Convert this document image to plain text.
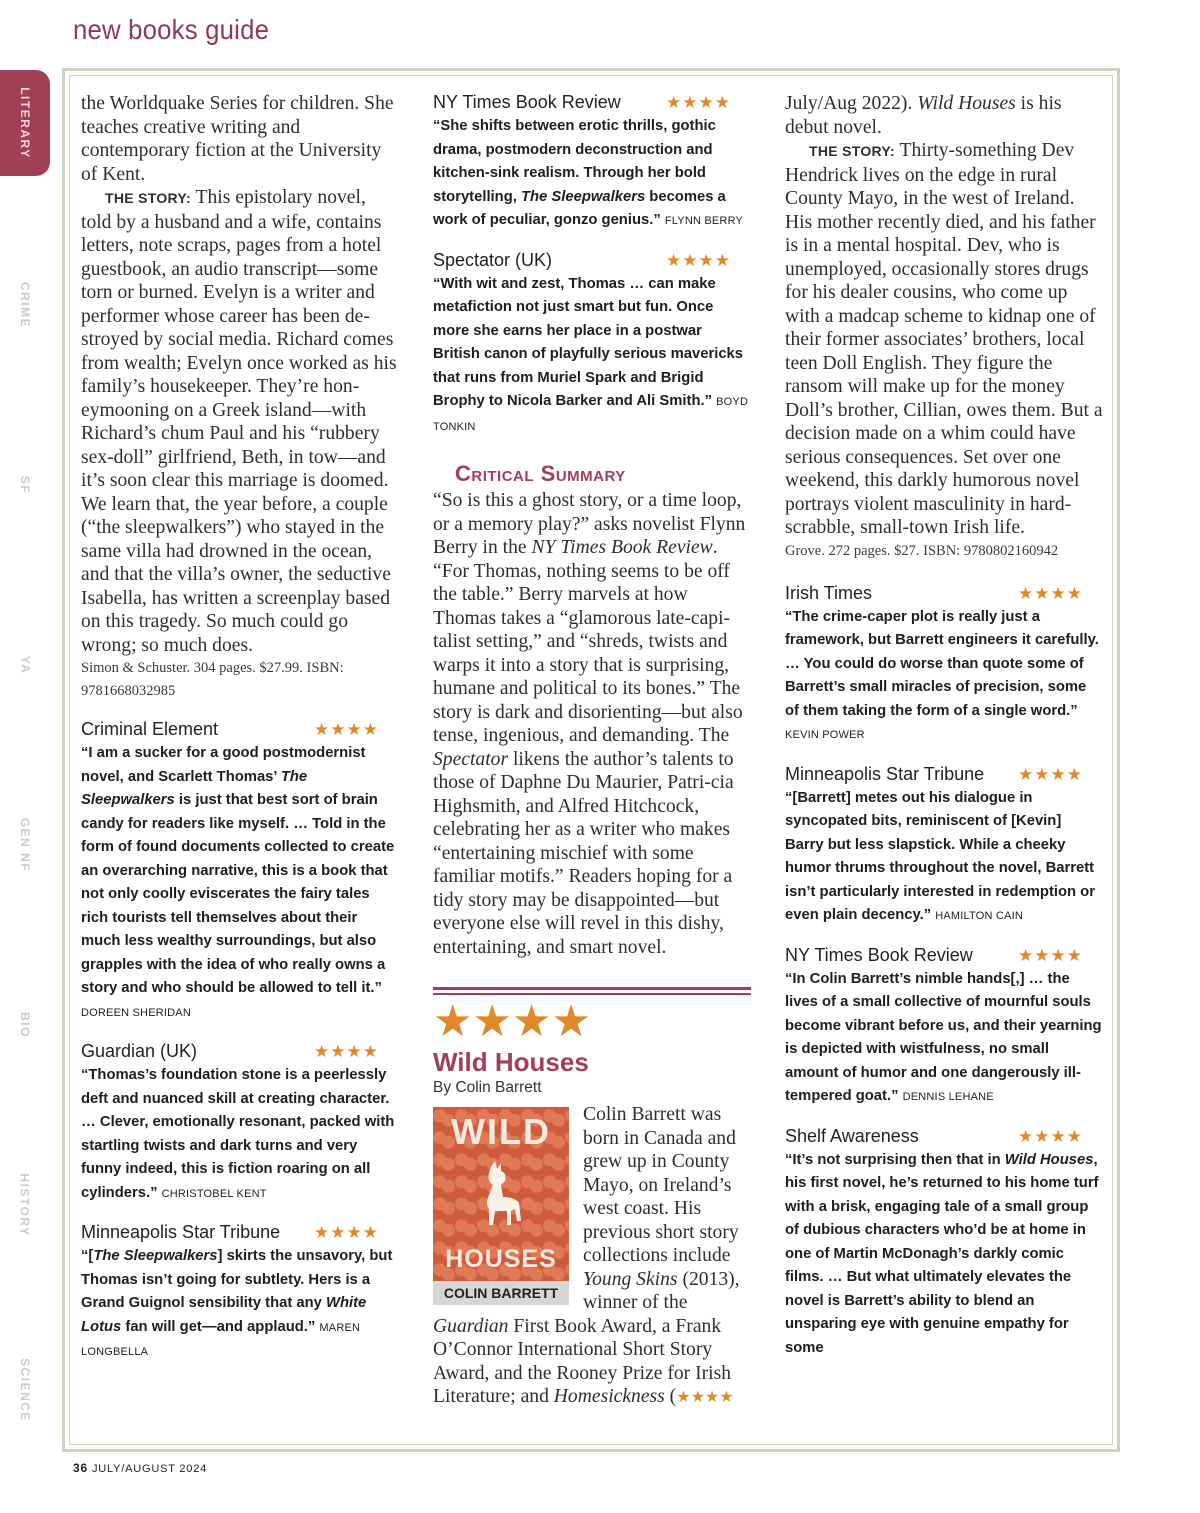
new books guide
LITERARY
CRIME
SF
YA
GEN NF
BIO
HISTORY
SCIENCE

the Worldquake Series for children. She teaches creative writing and contemporary fiction at the University of Kent.

THE STORY: This epistolary novel, told by a husband and a wife, contains letters, note scraps, pages from a hotel guestbook, an audio transcript—some torn or burned. Evelyn is a writer and performer whose career has been de-stroyed by social media. Richard comes from wealth; Evelyn once worked as his family’s housekeeper. They’re hon-eymooning on a Greek island—with Richard’s chum Paul and his “rubbery sex-doll” girlfriend, Beth, in tow—and it’s soon clear this marriage is doomed. We learn that, the year before, a couple (“the sleepwalkers”) who stayed in the same villa had drowned in the ocean, and that the villa’s owner, the seductive Isabella, has written a screenplay based on this tragedy. So much could go wrong; so much does.

Simon & Schuster. 304 pages. $27.99. ISBN: 9781668032985

Criminal Element	★★★★

“I am a sucker for a good postmodernist novel, and Scarlett Thomas’ The Sleepwalkers is just that best sort of brain candy for readers like myself. … Told in the form of found documents collected to create an overarching narrative, this is a book that not only coolly eviscerates the fairy tales rich tourists tell themselves about their much less wealthy surroundings, but also grapples with the idea of who really owns a story and who should be allowed to tell it.” DOREEN SHERIDAN

Guardian (UK)	★★★★

“Thomas’s foundation stone is a peerlessly deft and nuanced skill at creating character. … Clever, emotionally resonant, packed with startling twists and dark turns and very funny indeed, this is fiction roaring on all cylinders.” CHRISTOBEL KENT

Minneapolis Star Tribune ★★★★

“[The Sleepwalkers] skirts the unsavory, but Thomas isn’t going for subtlety. Hers is a Grand Guignol sensibility that any White Lotus fan will get—and applaud.” MAREN LONGBELLA

NY Times Book Review	★★★★

“She shifts between erotic thrills, gothic drama, postmodern deconstruction and kitchen-sink realism. Through her bold storytelling, The Sleepwalkers becomes a work of peculiar, gonzo genius.” FLYNN BERRY

Spectator (UK)	★★★★

“With wit and zest, Thomas … can make metafiction not just smart but fun. Once more she earns her place in a postwar British canon of playfully serious mavericks that runs from Muriel Spark and Brigid Brophy to Nicola Barker and Ali Smith.” BOYD TONKIN

Critical Summary

“So is this a ghost story, or a time loop, or a memory play?” asks novelist Flynn Berry in the NY Times Book Review. “For Thomas, nothing seems to be off the table.” Berry marvels at how Thomas takes a “glamorous late-capi-talist setting,” and “shreds, twists and warps it into a story that is surprising, humane and political to its bones.” The story is dark and disorienting—but also tense, ingenious, and demanding. The Spectator likens the author’s talents to those of Daphne Du Maurier, Patri-cia Highsmith, and Alfred Hitchcock, celebrating her as a writer who makes “entertaining mischief with some familiar motifs.” Readers hoping for a tidy story may be disappointed—but everyone else will revel in this dishy, entertaining, and smart novel.

★★★★
Wild Houses
By Colin Barrett
WILD
HOUSES
COLIN BARRETT

Colin Barrett was born in Canada and grew up in County Mayo, on Ireland’s west coast. His previous short story collections include Young Skins (2013), winner of the Guardian First Book Award, a Frank O’Connor International Short Story Award, and the Rooney Prize for Irish Literature; and Homesickness (★★★★

July/Aug 2022). Wild Houses is his debut novel.

THE STORY: Thirty-something Dev Hendrick lives on the edge in rural County Mayo, in the west of Ireland. His mother recently died, and his father is in a mental hospital. Dev, who is unemployed, occasionally stores drugs for his dealer cousins, who come up with a madcap scheme to kidnap one of their former associates’ brothers, local teen Doll English. They figure the ransom will make up for the money Doll’s brother, Cillian, owes them. But a decision made on a whim could have serious consequences. Set over one weekend, this darkly humorous novel portrays violent masculinity in hard-scrabble, small-town Irish life.

Grove. 272 pages. $27. ISBN: 9780802160942

Irish Times	★★★★

“The crime-caper plot is really just a framework, but Barrett engineers it carefully. … You could do worse than quote some of Barrett’s small miracles of precision, some of them taking the form of a single word.” KEVIN POWER

Minneapolis Star Tribune ★★★★

“[Barrett] metes out his dialogue in syncopated bits, reminiscent of [Kevin] Barry but less slapstick. While a cheeky humor thrums throughout the novel, Barrett isn’t particularly interested in redemption or even plain decency.” HAMILTON CAIN

NY Times Book Review	★★★★

“In Colin Barrett’s nimble hands[,] … the lives of a small collective of mournful souls become vibrant before us, and their yearning is depicted with wistfulness, no small amount of humor and one dangerously ill-tempered goat.” DENNIS LEHANE

Shelf Awareness	★★★★

“It’s not surprising then that in Wild Houses, his first novel, he’s returned to his home turf with a brisk, engaging tale of a small group of dubious characters who’d be at home in one of Martin McDonagh’s darkly comic films. … But what ultimately elevates the novel is Barrett’s ability to blend an unsparing eye with genuine empathy for some

36 JULY/AUGUST 2024
